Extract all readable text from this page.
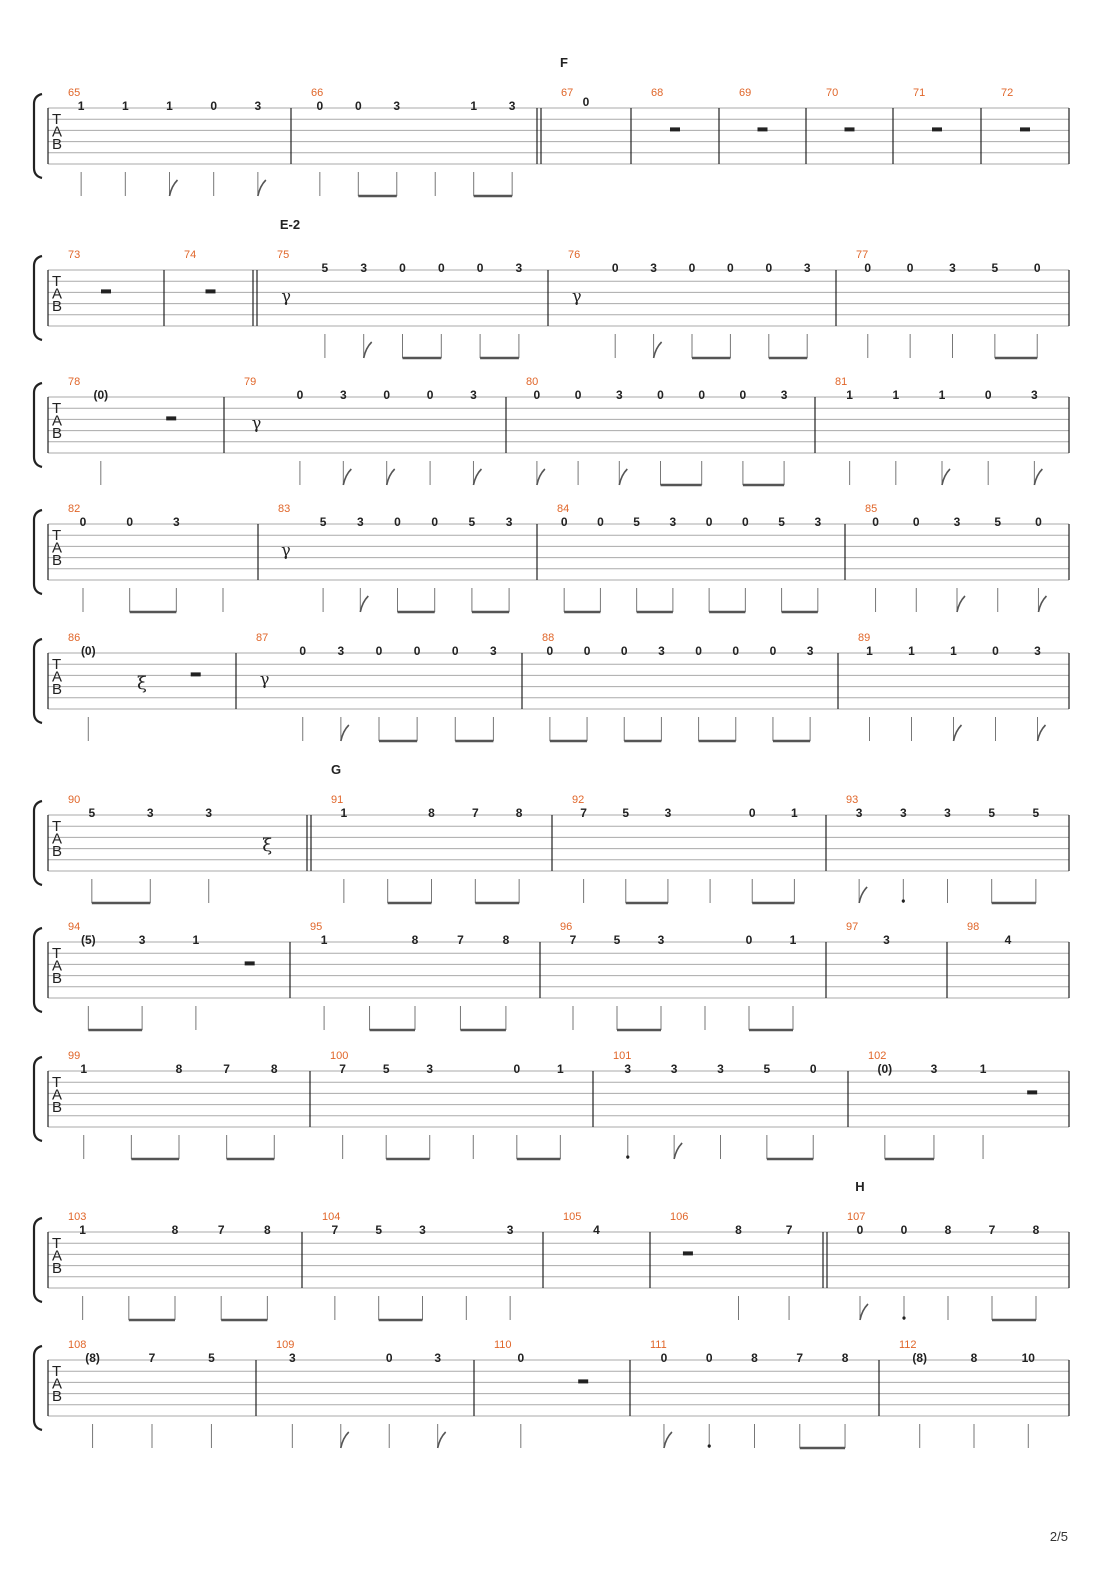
T
A
B
F
65
1	1	1	0	3
66
0	0	3	1	3
67
0
68	69	70	71	72
T
A
B
E-2
73	74	75
γ
5	3	0	0	0	3
76
γ
0	3	0	0	0	3
77
0	0	3	5	0
T
A
B
78
(0)
79
γ
0	3	0	0	3
80
0	0	3	0	0	0	3
81
1	1	1	0	3
T
A
B
82
0	0	3
83
γ
5	3	0	0	5	3
84
0 0 5 3 0 0 5 3
85
0	0	3	5	0
T
A
B
86
(0)
ξ
87
γ
0	3	0	0	0	3
88
0	0	0	3	0	0	0	3
89
1	1	1	0	3
T
A
B
G
90
5	3	3
ξ
91
1	8	7	8
92
7	5	3	0	1
93
3	3	3	5	5
T
A
B
94
(5)	3	1
95
1	8	7	8
96
7	5	3	0	1
97
3
98
4
T
A
B
99
1	8	7	8
100
7	5	3	0	1
101
3	3	3	5	0
102
(0)	3	1
T
A
B
H
103
1	8	7	8
104
7	5	3	3
105
4
106
8	7
107
0	0	8	7	8
T
A
B
108
(8)	7	5
109
3	0	3
110
0
111
0	0	8	7	8
112
(8)	8	10
2/5
